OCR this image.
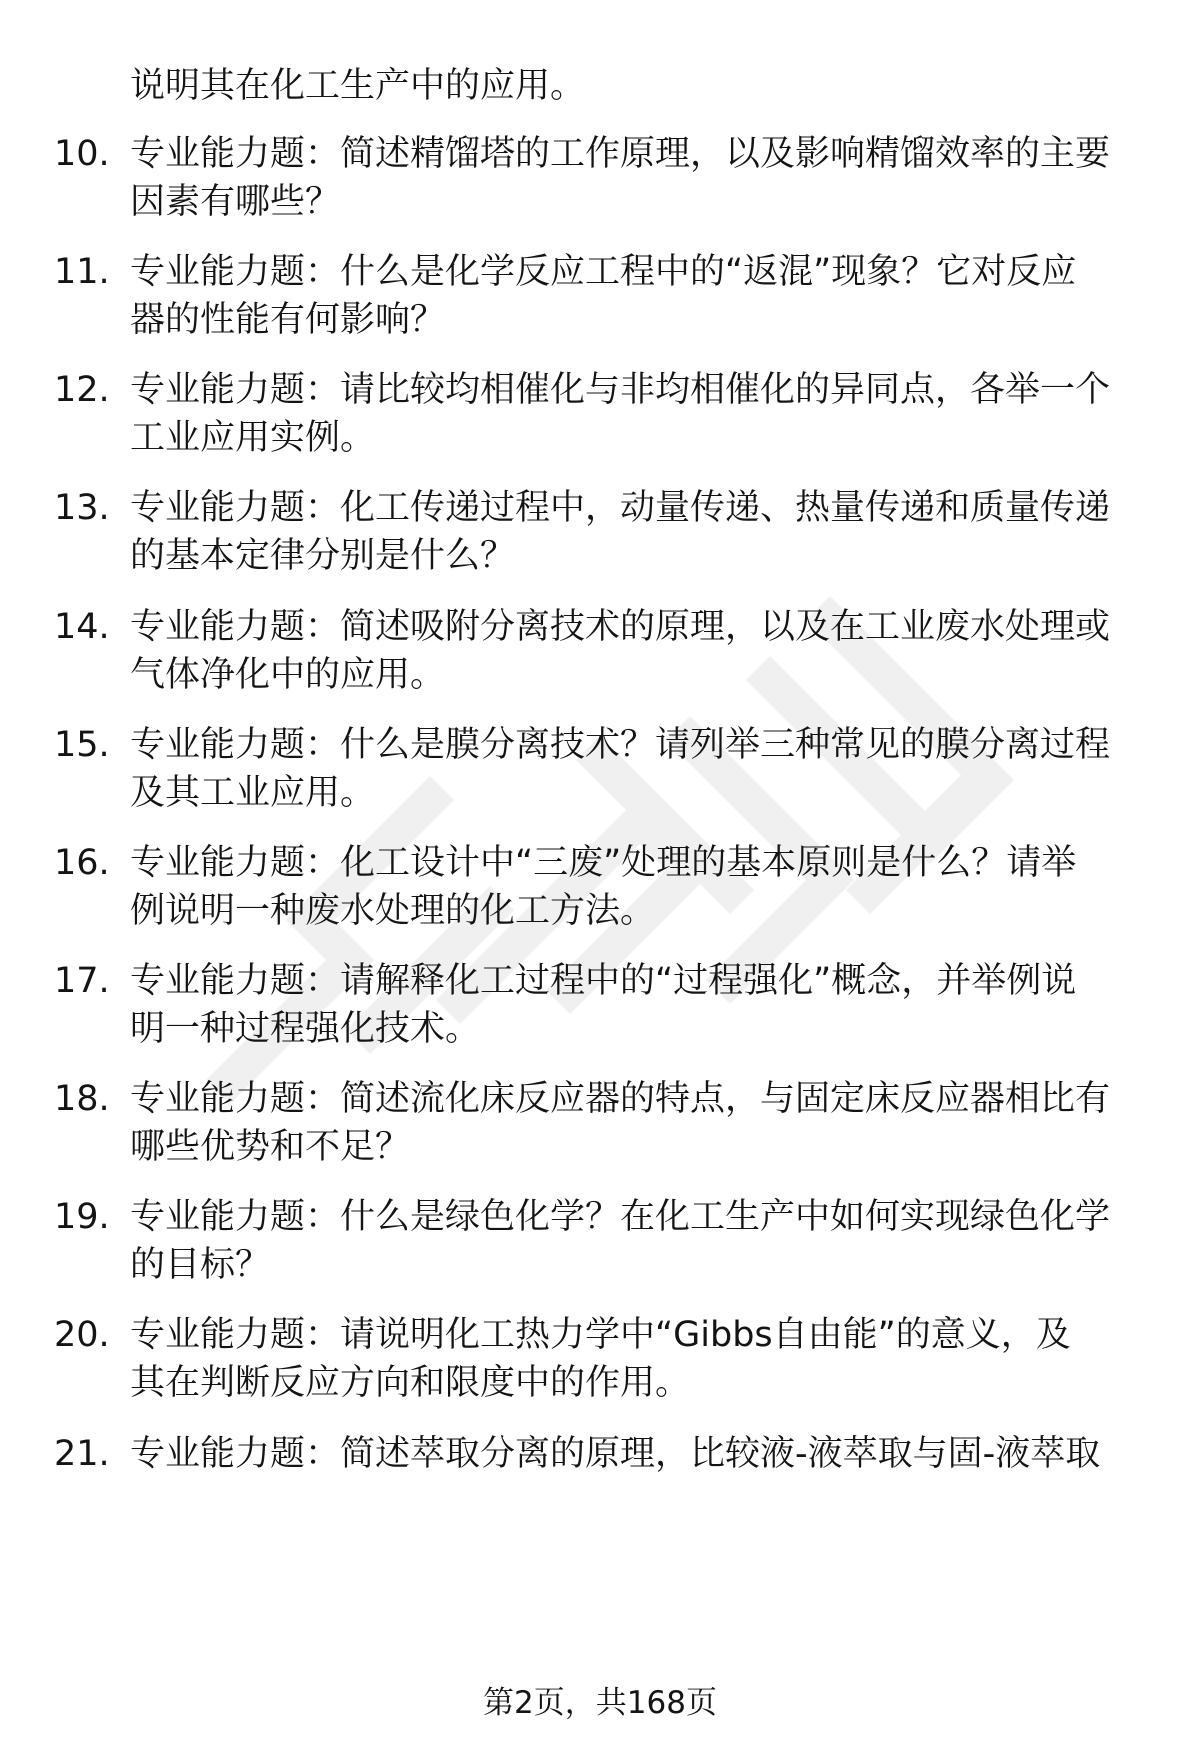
说明其在化工生产中的应用。
10. 专业能力题：简述精馏塔的工作原理，以及影响精馏效率的主要
因素有哪些？
11. 专业能力题：什么是化学反应工程中的“返混”现象？它对反应
器的性能有何影响？
12. 专业能力题：请比较均相催化与非均相催化的异同点，各举一个
工业应用实例。
13. 专业能力题：化工传递过程中，动量传递、热量传递和质量传递
的基本定律分别是什么？
14. 专业能力题：简述吸附分离技术的原理，以及在工业废水处理或
气体净化中的应用。
15. 专业能力题：什么是膜分离技术？请列举三种常见的膜分离过程
及其工业应用。
16. 专业能力题：化工设计中“三废”处理的基本原则是什么？请举
例说明一种废水处理的化工方法。
17. 专业能力题：请解释化工过程中的“过程强化”概念，并举例说
明一种过程强化技术。
18. 专业能力题：简述流化床反应器的特点，与固定床反应器相比有
哪些优势和不足？
19. 专业能力题：什么是绿色化学？在化工生产中如何实现绿色化学
的目标？
20. 专业能力题：请说明化工热力学中“Gibbs自由能”的意义，及
其在判断反应方向和限度中的作用。
21. 专业能力题：简述萃取分离的原理，比较液-液萃取与固-液萃取
第2页，共168页
